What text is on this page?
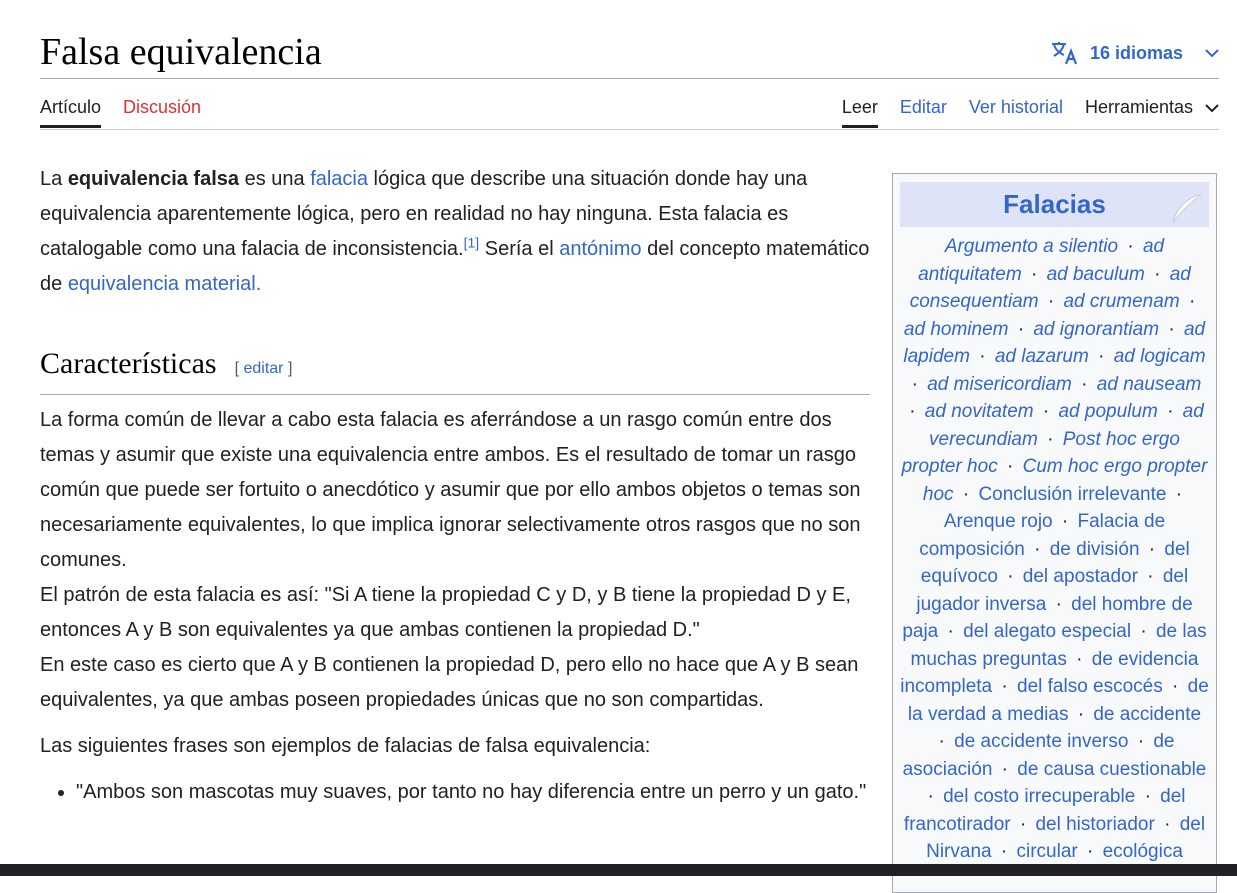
Falsa equivalencia	16 idiomas
Artículo Discusión	Leer Editar Ver historial Herramientas

La equivalencia falsa es una falacia lógica que describe una situación donde hay una equivalencia aparentemente lógica, pero en realidad no hay ninguna. Esta falacia es catalogable como una falacia de inconsistencia.[1] Sería el antónimo del concepto matemático de equivalencia material.

Características [ editar ]

La forma común de llevar a cabo esta falacia es aferrándose a un rasgo común entre dos temas y asumir que existe una equivalencia entre ambos. Es el resultado de tomar un rasgo común que puede ser fortuito o anecdótico y asumir que por ello ambos objetos o temas son necesariamente equivalentes, lo que implica ignorar selectivamente otros rasgos que no son comunes.

El patrón de esta falacia es así: "Si A tiene la propiedad C y D, y B tiene la propiedad D y E, entonces A y B son equivalentes ya que ambas contienen la propiedad D."

En este caso es cierto que A y B contienen la propiedad D, pero ello no hace que A y B sean equivalentes, ya que ambas poseen propiedades únicas que no son compartidas.

Las siguientes frases son ejemplos de falacias de falsa equivalencia:

• "Ambos son mascotas muy suaves, por tanto no hay diferencia entre un perro y un gato."
Falacias
Argumento a silentio · ad antiquitatem · ad baculum · ad consequentiam · ad crumenam · ad hominem · ad ignorantiam · ad lapidem · ad lazarum · ad logicam · ad misericordiam · ad nauseam · ad novitatem · ad populum · ad verecundiam · Post hoc ergo propter hoc · Cum hoc ergo propter hoc · Conclusión irrelevante · Arenque rojo · Falacia de composición · de división · del equívoco · del apostador · del jugador inversa · del hombre de paja · del alegato especial · de las muchas preguntas · de evidencia incompleta · del falso escocés · de la verdad a medias · de accidente · de accidente inverso · de asociación · de causa cuestionable · del costo irrecuperable · del francotirador · del historiador · del Nirvana · circular · ecológica
